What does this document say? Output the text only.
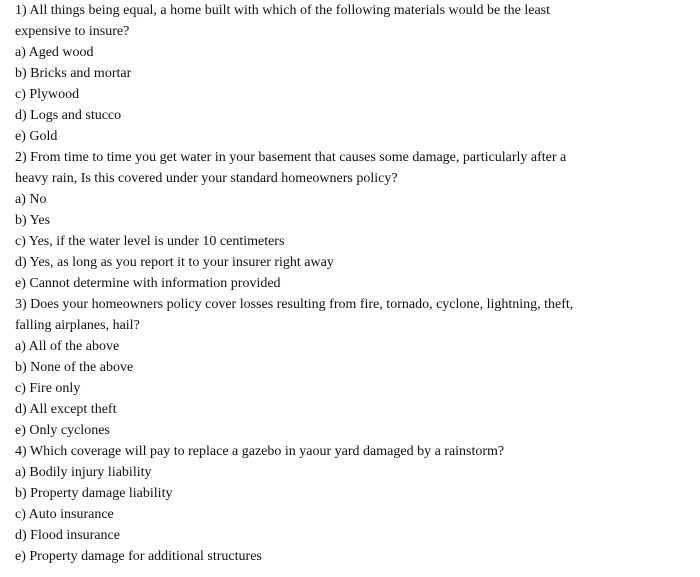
1) All things being equal, a home built with which of the following materials would be the least expensive to insure?
a) Aged wood
b) Bricks and mortar
c) Plywood
d) Logs and stucco
e) Gold
2) From time to time you get water in your basement that causes some damage, particularly after a heavy rain, Is this covered under your standard homeowners policy?
a) No
b) Yes
c) Yes, if the water level is under 10 centimeters
d) Yes, as long as you report it to your insurer right away
e) Cannot determine with information provided
3) Does your homeowners policy cover losses resulting from fire, tornado, cyclone, lightning, theft, falling airplanes, hail?
a) All of the above
b) None of the above
c) Fire only
d) All except theft
e) Only cyclones
4) Which coverage will pay to replace a gazebo in yaour yard damaged by a rainstorm?
a) Bodily injury liability
b) Property damage liability
c) Auto insurance
d) Flood insurance
e) Property damage for additional structures
